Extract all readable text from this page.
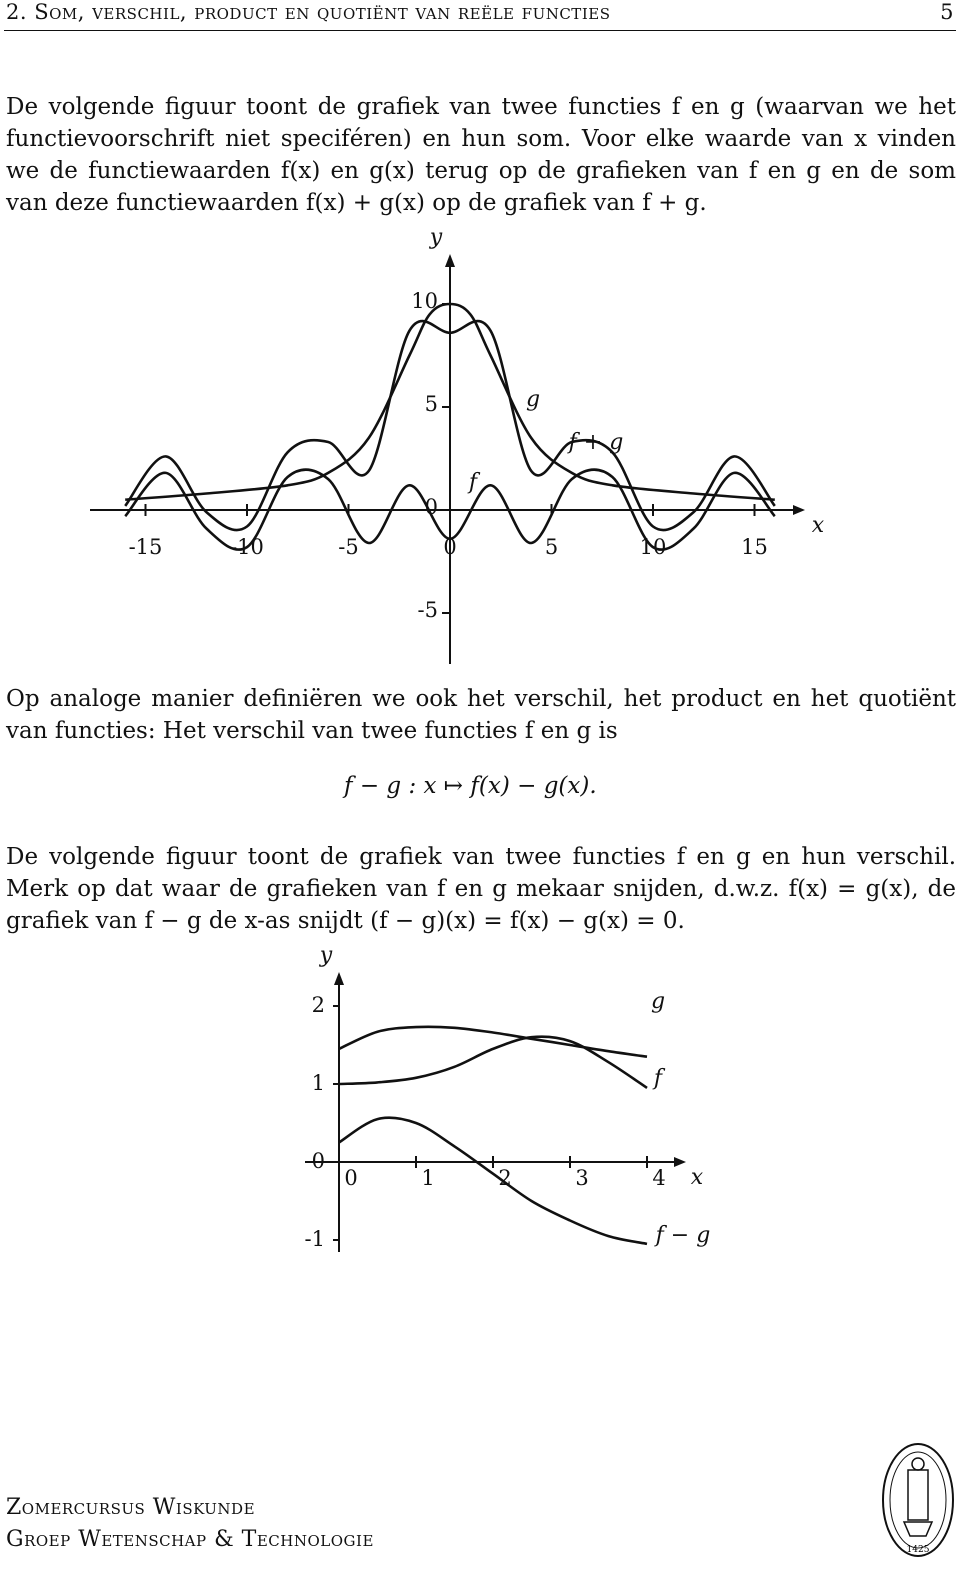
2. Som, verschil, product en quotiënt van reële functies	5
De volgende figuur toont de grafiek van twee functies f en g (waarvan we het functievoorschrift niet speciféren) en hun som. Voor elke waarde van x vinden we de functiewaarden f(x) en g(x) terug op de grafieken van f en g en de som van deze functiewaarden f(x) + g(x) op de grafiek van f + g.
-15	-10	-5	0	5	10	15
10
5
0
-5
x
y
f
g
f + g
Op analoge manier definiëren we ook het verschil, het product en het quotiënt van functies: Het verschil van twee functies f en g is
f − g : x ↦ f(x) − g(x).
De volgende figuur toont de grafiek van twee functies f en g en hun verschil. Merk op dat waar de grafieken van f en g mekaar snijden, d.w.z. f(x) = g(x), de grafiek van f − g de x-as snijdt (f − g)(x) = f(x) − g(x) = 0.
0	1	2	3	4
2
1
0
-1
x
y
g
f
f − g
Zomercursus Wiskunde
Groep Wetenschap & Technologie	1425
